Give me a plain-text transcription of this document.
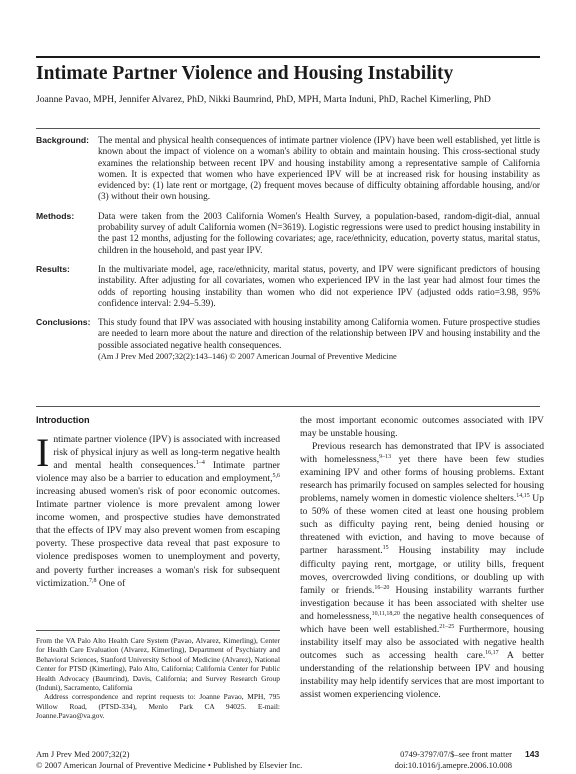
Intimate Partner Violence and Housing Instability

Joanne Pavao, MPH, Jennifer Alvarez, PhD, Nikki Baumrind, PhD, MPH, Marta Induni, PhD, Rachel Kimerling, PhD

Background: The mental and physical health consequences of intimate partner violence (IPV) have been well established, yet little is known about the impact of violence on a woman's ability to obtain and maintain housing. This cross-sectional study examines the relationship between recent IPV and housing instability among a representative sample of California women. It is expected that women who have experienced IPV will be at increased risk for housing instability as evidenced by: (1) late rent or mortgage, (2) frequent moves because of difficulty obtaining affordable housing, and/or (3) without their own housing.
Methods:	Data were taken from the 2003 California Women's Health Survey, a population-based, random-digit-dial, annual probability survey of adult California women (N=3619). Logistic regressions were used to predict housing instability in the past 12 months, adjusting for the following covariates; age, race/ethnicity, education, poverty status, marital status, children in the household, and past year IPV.
Results:	In the multivariate model, age, race/ethnicity, marital status, poverty, and IPV were significant predictors of housing instability. After adjusting for all covariates, women who experienced IPV in the last year had almost four times the odds of reporting housing instability than women who did not experience IPV (adjusted odds ratio=3.98, 95% confidence interval: 2.94–5.39).
Conclusions: This study found that IPV was associated with housing instability among California women. Future prospective studies are needed to learn more about the nature and direction of the relationship between IPV and housing instability and the possible associated negative health consequences.
(Am J Prev Med 2007;32(2):143–146) © 2007 American Journal of Preventive Medicine
Introduction

Intimate partner violence (IPV) is associated with increased risk of physical injury as well as long-term negative health and mental health consequences.$^{1-4}$ Intimate partner violence may also be a barrier to education and employment,$^{5,6}$ increasing abused women's risk of poor economic outcomes. Intimate partner violence is more prevalent among lower income women, and prospective studies have demonstrated that the effects of IPV may also prevent women from escaping poverty. These prospective data reveal that past exposure to violence predisposes women to unemployment and poverty, and poverty further increases a woman's risk for subsequent victimization.$^{7,8}$ One of

From the VA Palo Alto Health Care System (Pavao, Alvarez, Kimerling), Center for Health Care Evaluation (Alvarez, Kimerling), Department of Psychiatry and Behavioral Sciences, Stanford University School of Medicine (Alvarez), National Center for PTSD (Kimerling), Palo Alto, California; California Center for Public Health Advocacy (Baumrind), Davis, California; and Survey Research Group (Induni), Sacramento, California

Address correspondence and reprint requests to: Joanne Pavao, MPH, 795 Willow Road, (PTSD-334), Menlo Park CA 94025. E-mail: Joanne.Pavao@va.gov.

the most important economic outcomes associated with IPV may be unstable housing.

Previous research has demonstrated that IPV is associated with homelessness,$^{9-13}$ yet there have been few studies examining IPV and other forms of housing problems. Extant research has primarily focused on samples selected for housing problems, namely women in domestic violence shelters.$^{14,15}$ Up to 50% of these women cited at least one housing problem such as difficulty paying rent, being denied housing or threatened with eviction, and having to move because of partner harassment.$^{15}$ Housing instability may include difficulty paying rent, mortgage, or utility bills, frequent moves, overcrowded living conditions, or doubling up with family or friends.$^{16-20}$ Housing instability warrants further investigation because it has been associated with shelter use and homelessness,$^{10,11,18,20}$ the negative health consequences of which have been well established.$^{21-25}$ Furthermore, housing instability itself may also be associated with negative health outcomes such as accessing health care.$^{16,17}$ A better understanding of the relationship between IPV and housing instability may help identify services that are most important to assist women experiencing violence.

Am J Prev Med 2007;32(2)
© 2007 American Journal of Preventive Medicine • Published by Elsevier Inc.
0749-3797/07/$–see front matter
doi:10.1016/j.amepre.2006.10.008
143
